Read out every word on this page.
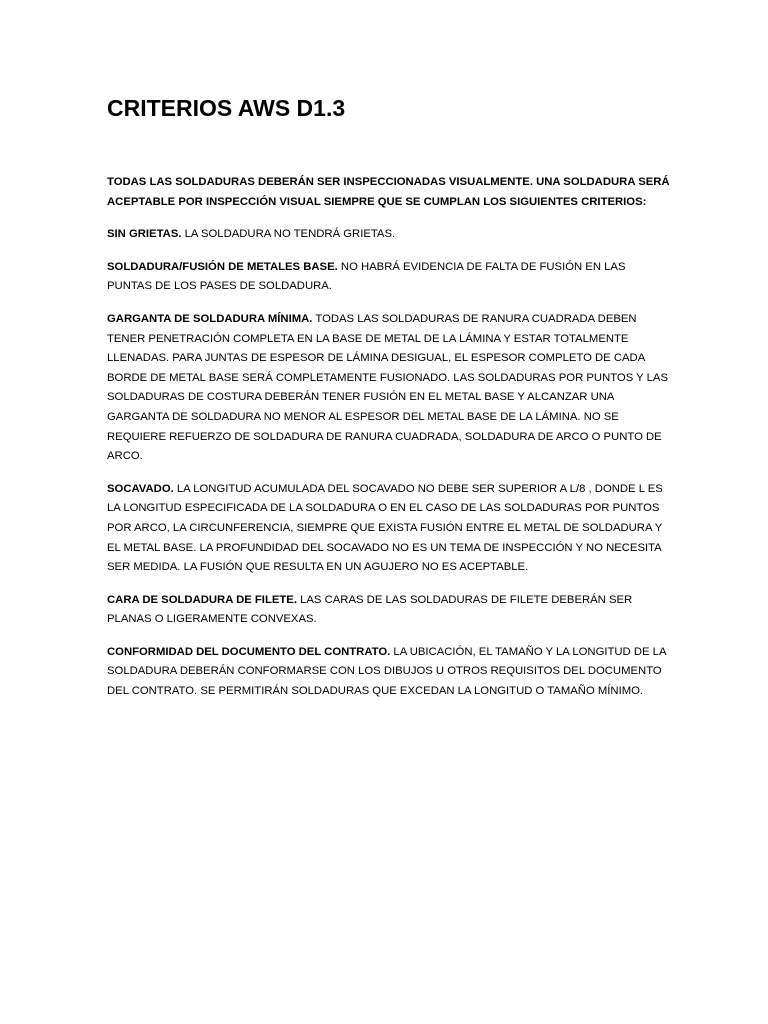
CRITERIOS AWS D1.3

TODAS LAS SOLDADURAS DEBERÁN SER INSPECCIONADAS VISUALMENTE. UNA SOLDADURA SERÁ ACEPTABLE POR INSPECCIÓN VISUAL SIEMPRE QUE SE CUMPLAN LOS SIGUIENTES CRITERIOS:

SIN GRIETAS. LA SOLDADURA NO TENDRÁ GRIETAS.

SOLDADURA/FUSIÓN DE METALES BASE. NO HABRÁ EVIDENCIA DE FALTA DE FUSIÓN EN LAS PUNTAS DE LOS PASES DE SOLDADURA.

GARGANTA DE SOLDADURA MÍNIMA. TODAS LAS SOLDADURAS DE RANURA CUADRADA DEBEN TENER PENETRACIÓN COMPLETA EN LA BASE DE METAL DE LA LÁMINA Y ESTAR TOTALMENTE LLENADAS. PARA JUNTAS DE ESPESOR DE LÁMINA DESIGUAL, EL ESPESOR COMPLETO DE CADA BORDE DE METAL BASE SERÁ COMPLETAMENTE FUSIONADO. LAS SOLDADURAS POR PUNTOS Y LAS SOLDADURAS DE COSTURA DEBERÁN TENER FUSIÓN EN EL METAL BASE Y ALCANZAR UNA GARGANTA DE SOLDADURA NO MENOR AL ESPESOR DEL METAL BASE DE LA LÁMINA. NO SE REQUIERE REFUERZO DE SOLDADURA DE RANURA CUADRADA, SOLDADURA DE ARCO O PUNTO DE ARCO.

SOCAVADO. LA LONGITUD ACUMULADA DEL SOCAVADO NO DEBE SER SUPERIOR A L/8 , DONDE L ES LA LONGITUD ESPECIFICADA DE LA SOLDADURA O EN EL CASO DE LAS SOLDADURAS POR PUNTOS POR ARCO, LA CIRCUNFERENCIA, SIEMPRE QUE EXISTA FUSIÓN ENTRE EL METAL DE SOLDADURA Y EL METAL BASE. LA PROFUNDIDAD DEL SOCAVADO NO ES UN TEMA DE INSPECCIÓN Y NO NECESITA SER MEDIDA. LA FUSIÓN QUE RESULTA EN UN AGUJERO NO ES ACEPTABLE.

CARA DE SOLDADURA DE FILETE. LAS CARAS DE LAS SOLDADURAS DE FILETE DEBERÁN SER PLANAS O LIGERAMENTE CONVEXAS.

CONFORMIDAD DEL DOCUMENTO DEL CONTRATO. LA UBICACIÓN, EL TAMAÑO Y LA LONGITUD DE LA SOLDADURA DEBERÁN CONFORMARSE CON LOS DIBUJOS U OTROS REQUISITOS DEL DOCUMENTO DEL CONTRATO. SE PERMITIRÁN SOLDADURAS QUE EXCEDAN LA LONGITUD O TAMAÑO MÍNIMO.
